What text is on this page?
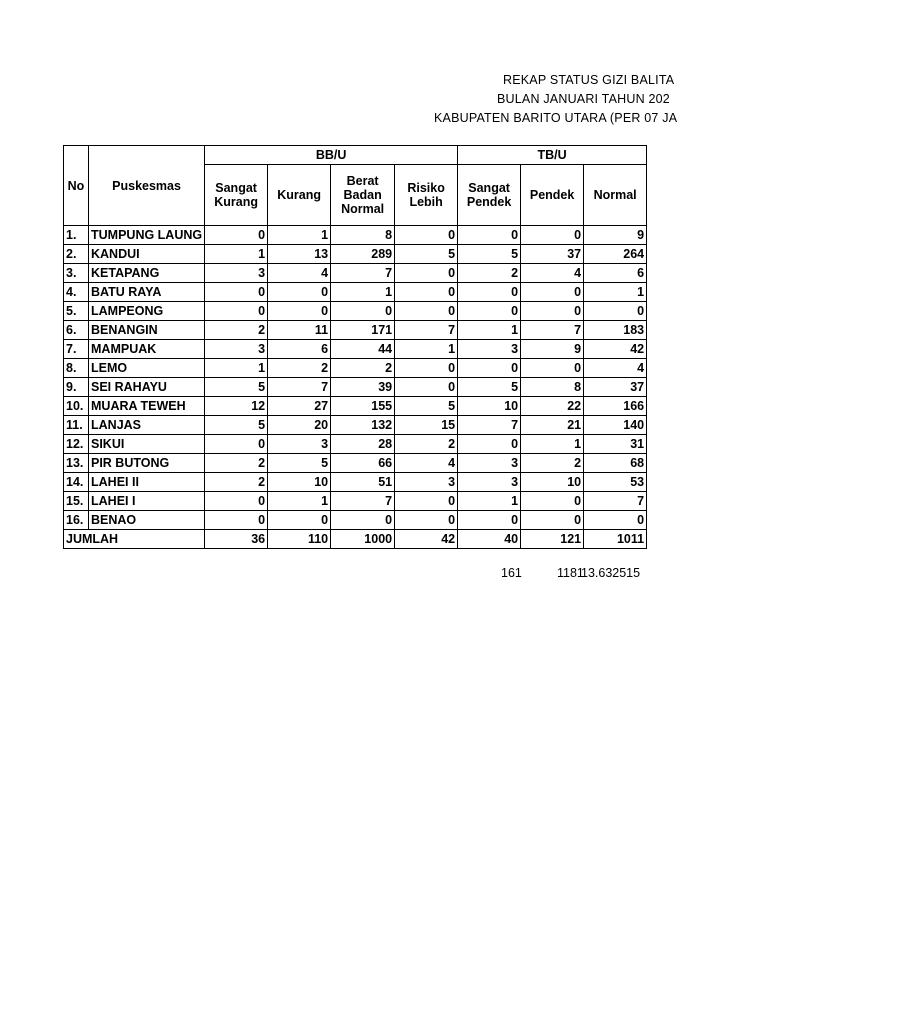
REKAP STATUS GIZI BALITA
BULAN JANUARI TAHUN 202
KABUPATEN BARITO UTARA (PER 07 JA
No	Puskesmas	BB/U				TB/U		
		Sangat Kurang	Kurang	Berat Badan Normal	Risiko Lebih	Sangat Pendek	Pendek	Normal
1.	TUMPUNG LAUNG	0	1	8	0	0	0	9
2.	KANDUI	1	13	289	5	5	37	264
3.	KETAPANG	3	4	7	0	2	4	6
4.	BATU RAYA	0	0	1	0	0	0	1
5.	LAMPEONG	0	0	0	0	0	0	0
6.	BENANGIN	2	11	171	7	1	7	183
7.	MAMPUAK	3	6	44	1	3	9	42
8.	LEMO	1	2	2	0	0	0	4
9.	SEI RAHAYU	5	7	39	0	5	8	37
10.	MUARA TEWEH	12	27	155	5	10	22	166
11.	LANJAS	5	20	132	15	7	21	140
12.	SIKUI	0	3	28	2	0	1	31
13.	PIR BUTONG	2	5	66	4	3	2	68
14.	LAHEI II	2	10	51	3	3	10	53
15.	LAHEI I	0	1	7	0	1	0	7
16.	BENAO	0	0	0	0	0	0	0
JUMLAH		36	110	1000	42	40	121	1011
161	1181
13.632515
